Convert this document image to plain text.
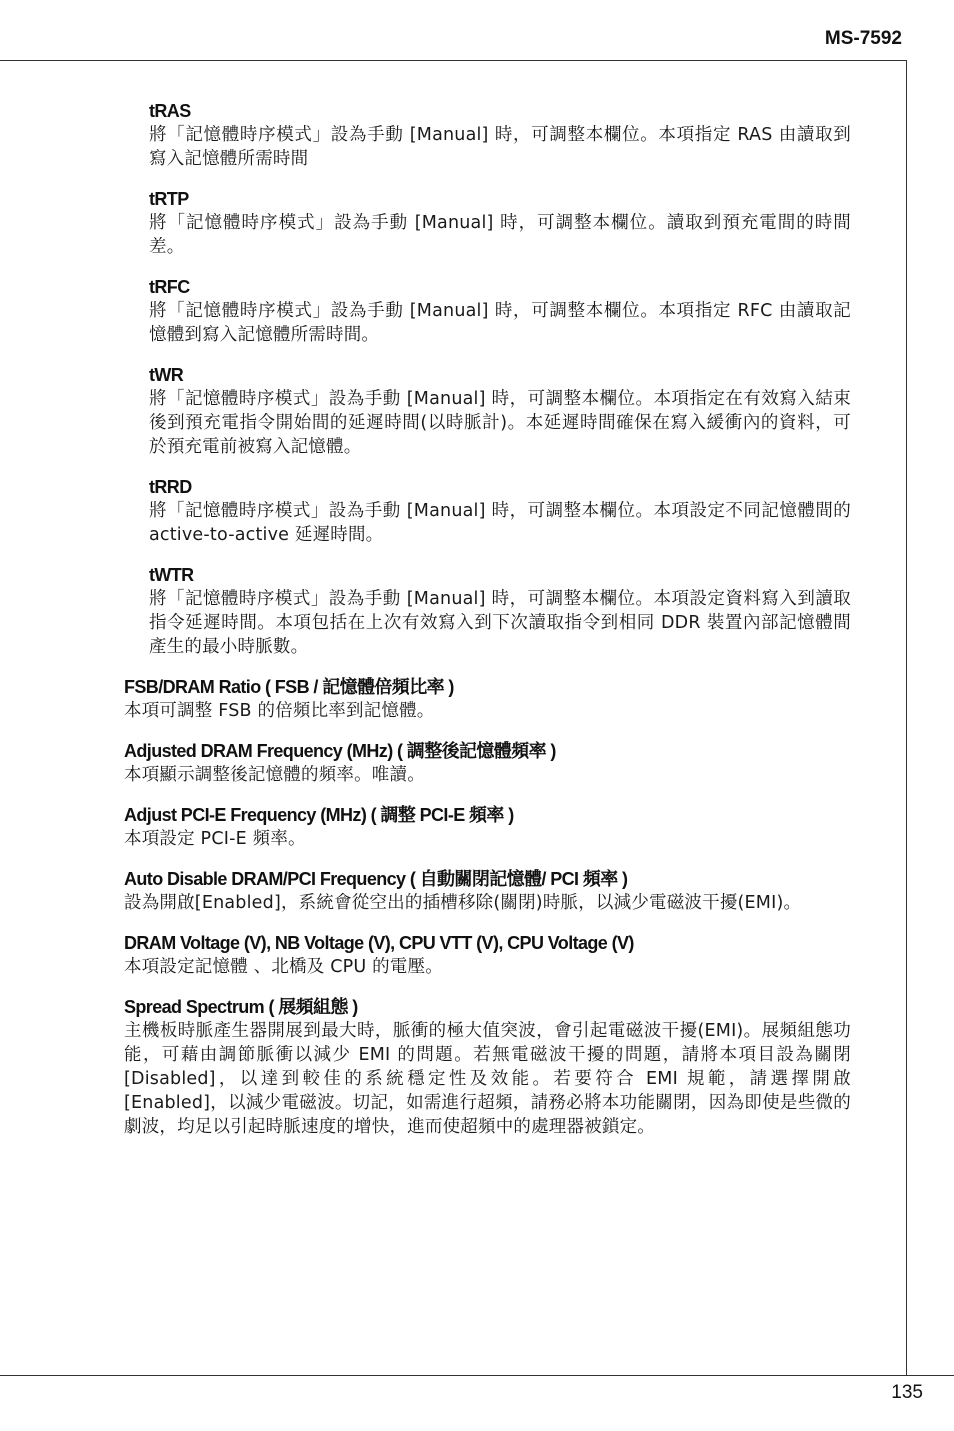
MS-7592
tRAS

將「記憶體時序模式」設為手動 [Manual] 時，可調整本欄位。本項指定 RAS 由讀取到寫入記憶體所需時間

tRTP

將「記憶體時序模式」設為手動 [Manual] 時，可調整本欄位。讀取到預充電間的時間差。

tRFC

將「記憶體時序模式」設為手動 [Manual] 時，可調整本欄位。本項指定 RFC 由讀取記憶體到寫入記憶體所需時間。

tWR

將「記憶體時序模式」設為手動 [Manual] 時，可調整本欄位。本項指定在有效寫入結束後到預充電指令開始間的延遲時間(以時脈計)。本延遲時間確保在寫入緩衝內的資料，可於預充電前被寫入記憶體。

tRRD

將「記憶體時序模式」設為手動 [Manual] 時，可調整本欄位。本項設定不同記憶體間的 active-to-active 延遲時間。

tWTR

將「記憶體時序模式」設為手動 [Manual] 時，可調整本欄位。本項設定資料寫入到讀取指令延遲時間。本項包括在上次有效寫入到下次讀取指令到相同 DDR 裝置內部記憶體間產生的最小時脈數。

FSB/DRAM Ratio ( FSB / 記憶體倍頻比率 )

本項可調整 FSB 的倍頻比率到記憶體。

Adjusted DRAM Frequency (MHz) ( 調整後記憶體頻率 )

本項顯示調整後記憶體的頻率。唯讀。

Adjust PCI-E Frequency (MHz) ( 調整 PCI-E 頻率 )

本項設定 PCI-E 頻率。

Auto Disable DRAM/PCI Frequency ( 自動關閉記憶體/ PCI 頻率 )

設為開啟[Enabled]，系統會從空出的插槽移除(關閉)時脈，以減少電磁波干擾(EMI)。

DRAM Voltage (V), NB Voltage (V), CPU VTT (V), CPU Voltage (V)

本項設定記憶體 、北橋及 CPU 的電壓。

Spread Spectrum ( 展頻組態 )

主機板時脈產生器開展到最大時，脈衝的極大值突波，會引起電磁波干擾(EMI)。展頻組態功能，可藉由調節脈衝以減少 EMI 的問題。若無電磁波干擾的問題，請將本項目設為關閉 [Disabled]，以達到較佳的系統穩定性及效能。若要符合 EMI 規範，請選擇開啟 [Enabled]，以減少電磁波。切記，如需進行超頻，請務必將本功能關閉，因為即使是些微的劇波，均足以引起時脈速度的增快，進而使超頻中的處理器被鎖定。

135
